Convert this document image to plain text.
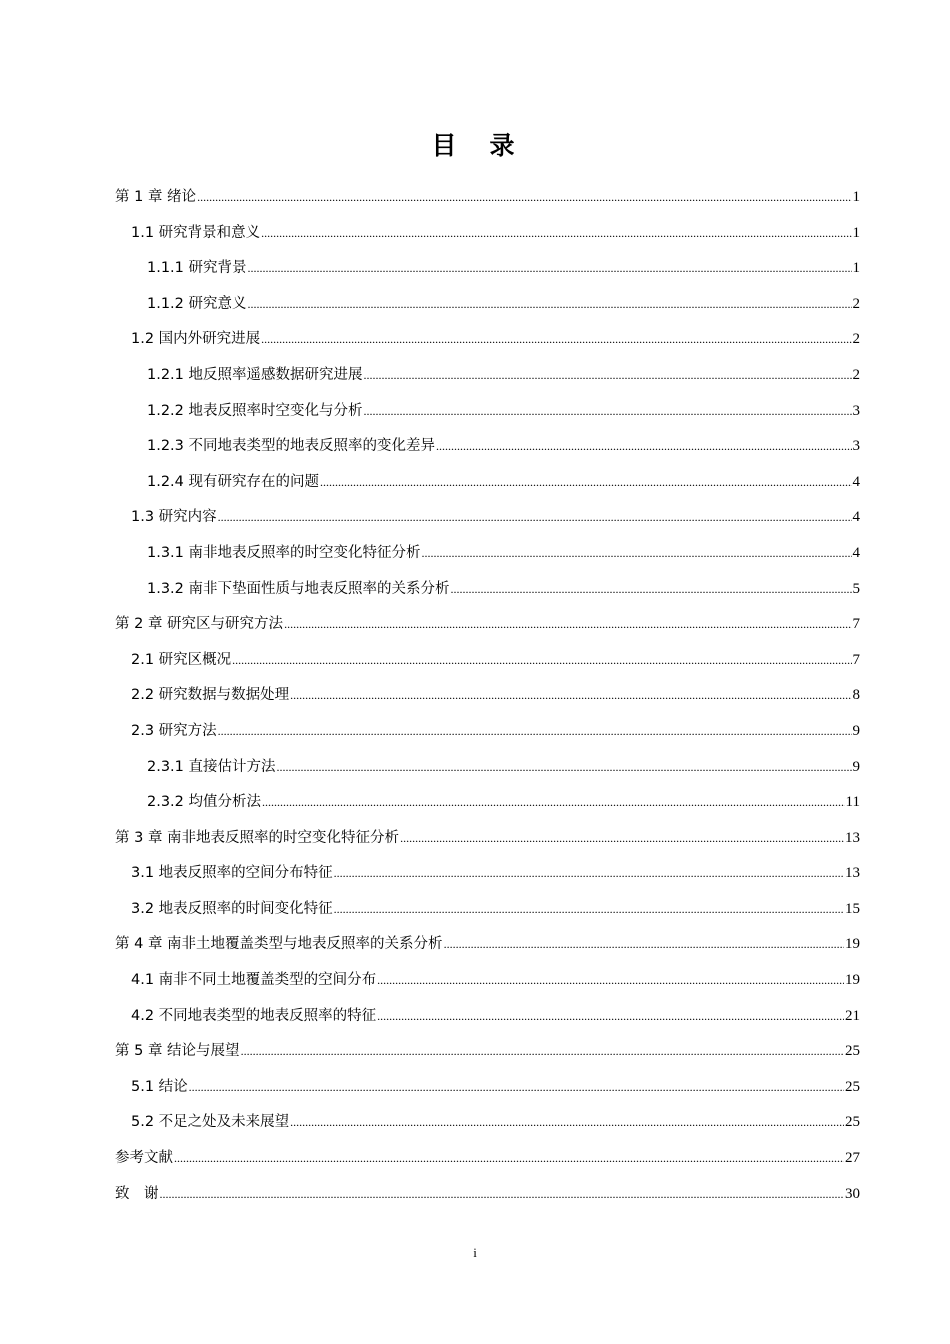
目　录
第 1 章 绪论 .....	1
1.1 研究背景和意义 .....	1
1.1.1 研究背景 .....	1
1.1.2 研究意义 .....	2
1.2 国内外研究进展 .....	2
1.2.1 地反照率遥感数据研究进展 .....	2
1.2.2 地表反照率时空变化与分析 .....	3
1.2.3 不同地表类型的地表反照率的变化差异 .....	3
1.2.4 现有研究存在的问题 .....	4
1.3 研究内容 .....	4
1.3.1 南非地表反照率的时空变化特征分析 .....	4
1.3.2 南非下垫面性质与地表反照率的关系分析 .....	5
第 2 章 研究区与研究方法 .....	7
2.1 研究区概况 .....	7
2.2 研究数据与数据处理 .....	8
2.3 研究方法 .....	9
2.3.1 直接估计方法 .....	9
2.3.2 均值分析法 .....	11
第 3 章 南非地表反照率的时空变化特征分析 .....	13
3.1 地表反照率的空间分布特征 .....	13
3.2 地表反照率的时间变化特征 .....	15
第 4 章 南非土地覆盖类型与地表反照率的关系分析 .....	19
4.1 南非不同土地覆盖类型的空间分布 .....	19
4.2 不同地表类型的地表反照率的特征 .....	21
第 5 章 结论与展望 .....	25
5.1 结论 .....	25
5.2 不足之处及未来展望 .....	25
参考文献 .....	27
致　谢 .....	30
i
